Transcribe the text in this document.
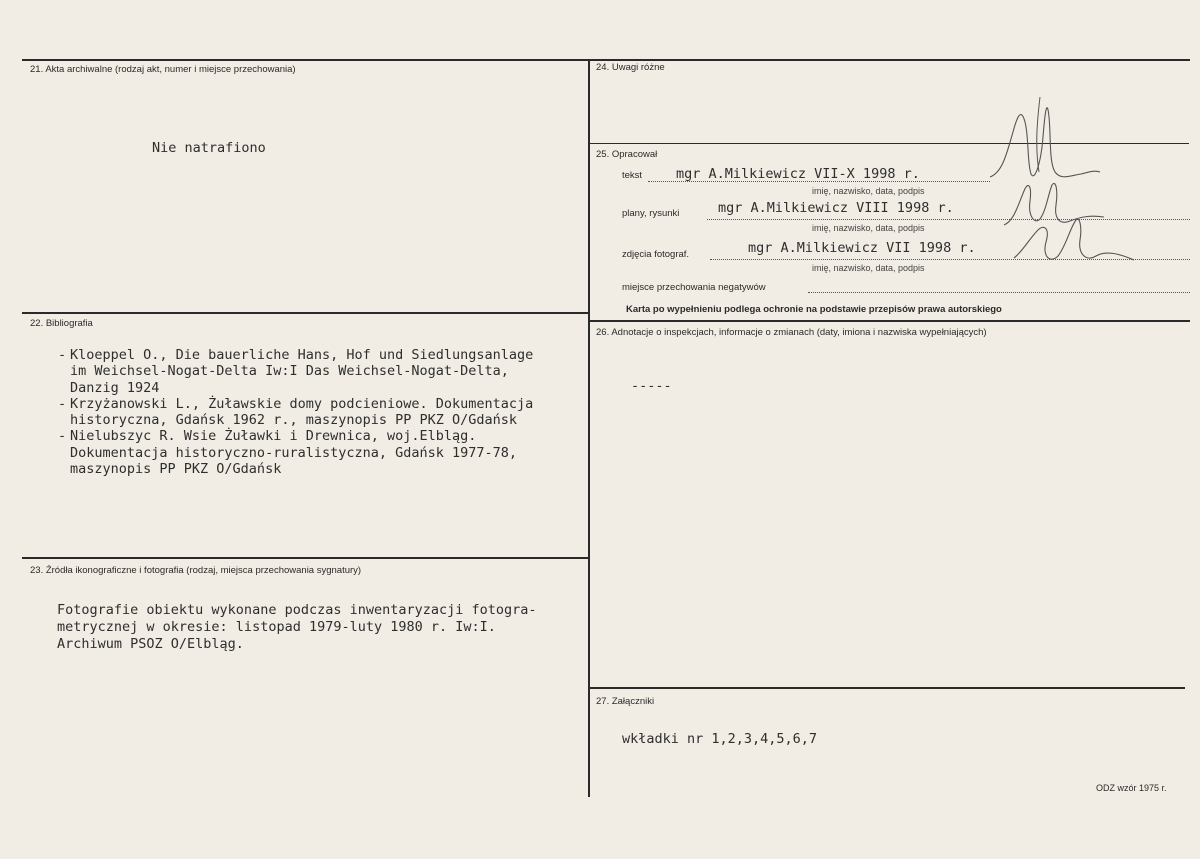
21. Akta archiwalne (rodzaj akt, numer i miejsce przechowania)
Nie natrafiono
22. Bibliografia
- Kloeppel O., Die bauerliche Hans, Hof und Siedlungsanlage
im Weichsel-Nogat-Delta Iw:I Das Weichsel-Nogat-Delta,
Danzig 1924
- Krzyżanowski L., Żuławskie domy podcieniowe. Dokumentacja
historyczna, Gdańsk 1962 r., maszynopis PP PKZ O/Gdańsk
- Nielubszyc R. Wsie Żuławki i Drewnica, woj.Elbląg.
Dokumentacja historyczno-ruralistyczna, Gdańsk 1977-78,
maszynopis PP PKZ O/Gdańsk
23. Źródła ikonograficzne i fotografia (rodzaj, miejsca przechowania sygnatury)
Fotografie obiektu wykonane podczas inwentaryzacji fotogra-
metrycznej w okresie: listopad 1979-luty 1980 r. Iw:I.
Archiwum PSOZ O/Elbląg.
24. Uwagi różne
25. Opracował
tekst	mgr A.Milkiewicz VII-X 1998 r.
imię, nazwisko, data, podpis
plany, rysunki	mgr A.Milkiewicz VIII 1998 r.
imię, nazwisko, data, podpis
zdjęcia fotograf.	mgr A.Milkiewicz VII 1998 r.
imię, nazwisko, data, podpis
miejsce przechowania negatywów
Karta po wypełnieniu podlega ochronie na podstawie przepisów prawa autorskiego
26. Adnotacje o inspekcjach, informacje o zmianach (daty, imiona i nazwiska wypełniających)
-----
27. Załączniki
wkładki nr 1,2,3,4,5,6,7
ODZ wzór 1975 r.
